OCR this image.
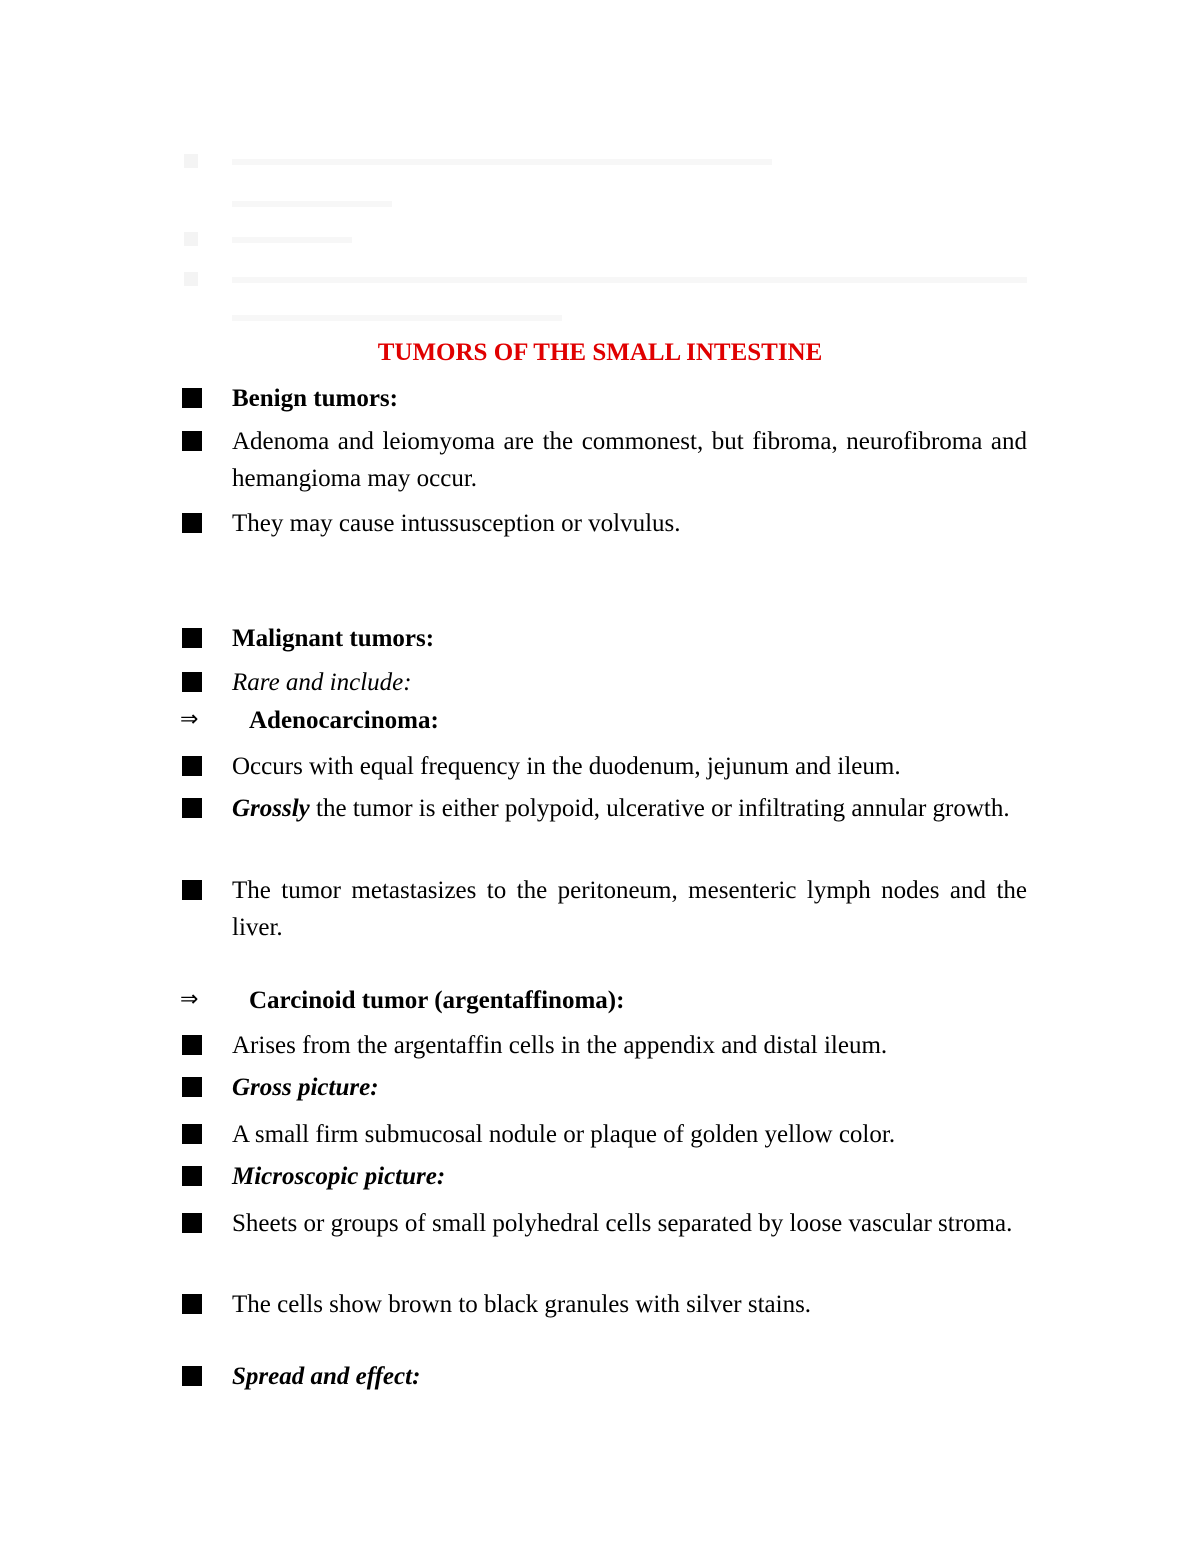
TUMORS OF THE SMALL INTESTINE

Benign tumors:

Adenoma and leiomyoma are the commonest, but fibroma, neurofibroma and hemangioma may occur.

They may cause intussusception or volvulus.

Malignant tumors:

Rare and include:

⇒ Adenocarcinoma:

Occurs with equal frequency in the duodenum, jejunum and ileum.

Grossly the tumor is either polypoid, ulcerative or infiltrating annular growth.

The tumor metastasizes to the peritoneum, mesenteric lymph nodes and the liver.

⇒ Carcinoid tumor (argentaffinoma):

Arises from the argentaffin cells in the appendix and distal ileum.

Gross picture:

A small firm submucosal nodule or plaque of golden yellow color.

Microscopic picture:

Sheets or groups of small polyhedral cells separated by loose vascular stroma.

The cells show brown to black granules with silver stains.

Spread and effect:
